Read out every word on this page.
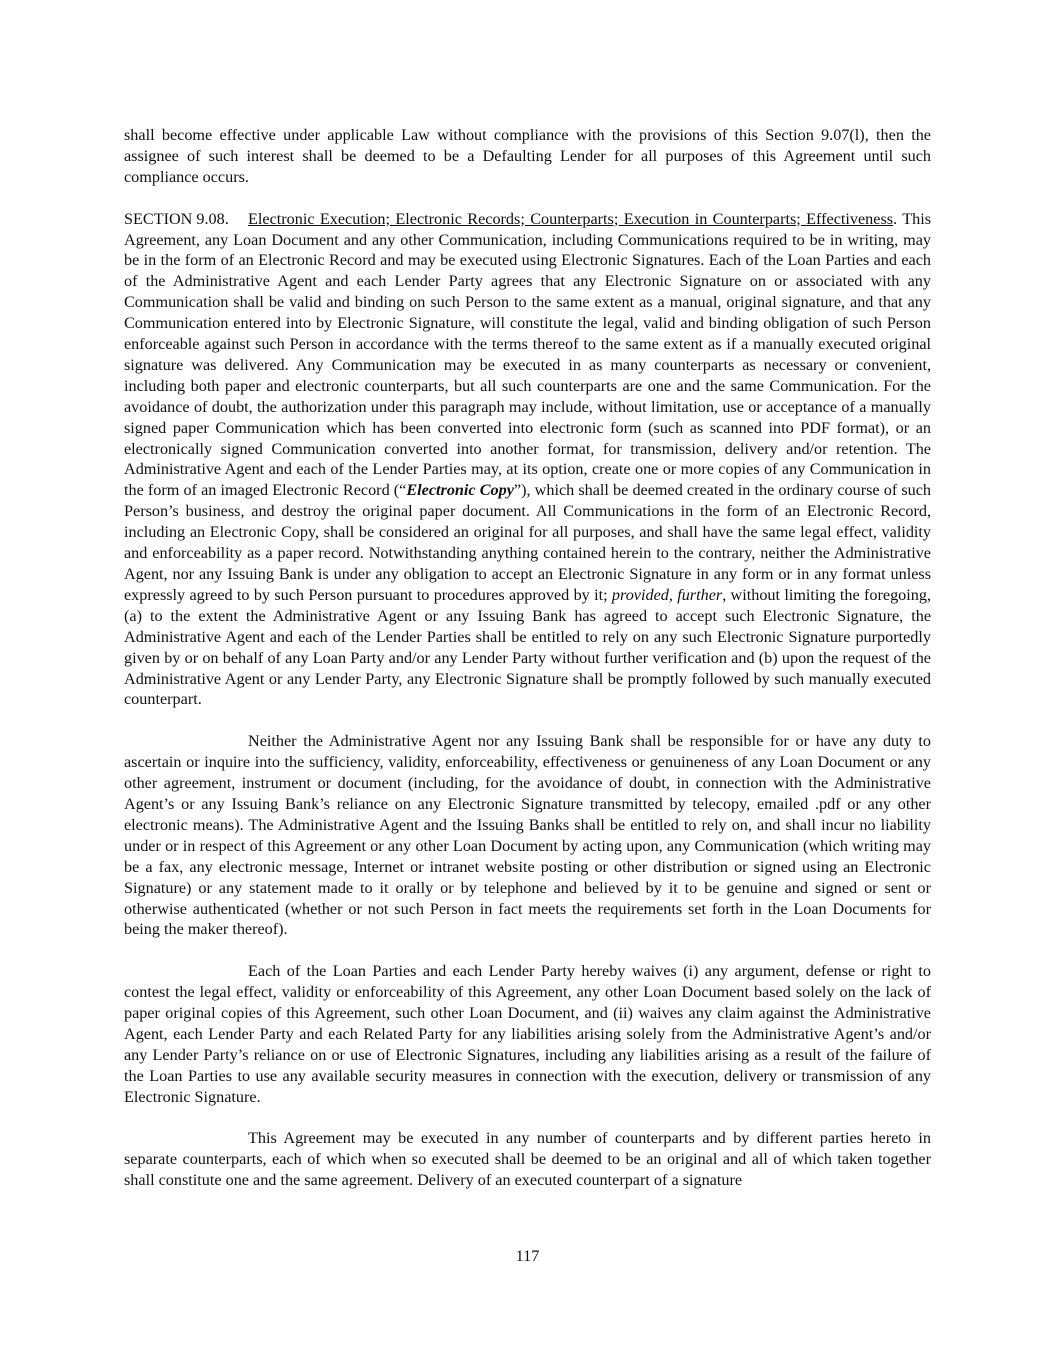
shall become effective under applicable Law without compliance with the provisions of this Section 9.07(l), then the assignee of such interest shall be deemed to be a Defaulting Lender for all purposes of this Agreement until such compliance occurs.

SECTION 9.08. Electronic Execution; Electronic Records; Counterparts; Execution in Counterparts; Effectiveness. This Agreement, any Loan Document and any other Communication, including Communications required to be in writing, may be in the form of an Electronic Record and may be executed using Electronic Signatures. Each of the Loan Parties and each of the Administrative Agent and each Lender Party agrees that any Electronic Signature on or associated with any Communication shall be valid and binding on such Person to the same extent as a manual, original signature, and that any Communication entered into by Electronic Signature, will constitute the legal, valid and binding obligation of such Person enforceable against such Person in accordance with the terms thereof to the same extent as if a manually executed original signature was delivered. Any Communication may be executed in as many counterparts as necessary or convenient, including both paper and electronic counterparts, but all such counterparts are one and the same Communication. For the avoidance of doubt, the authorization under this paragraph may include, without limitation, use or acceptance of a manually signed paper Communication which has been converted into electronic form (such as scanned into PDF format), or an electronically signed Communication converted into another format, for transmission, delivery and/or retention. The Administrative Agent and each of the Lender Parties may, at its option, create one or more copies of any Communication in the form of an imaged Electronic Record (“Electronic Copy”), which shall be deemed created in the ordinary course of such Person’s business, and destroy the original paper document. All Communications in the form of an Electronic Record, including an Electronic Copy, shall be considered an original for all purposes, and shall have the same legal effect, validity and enforceability as a paper record. Notwithstanding anything contained herein to the contrary, neither the Administrative Agent, nor any Issuing Bank is under any obligation to accept an Electronic Signature in any form or in any format unless expressly agreed to by such Person pursuant to procedures approved by it; provided, further, without limiting the foregoing, (a) to the extent the Administrative Agent or any Issuing Bank has agreed to accept such Electronic Signature, the Administrative Agent and each of the Lender Parties shall be entitled to rely on any such Electronic Signature purportedly given by or on behalf of any Loan Party and/or any Lender Party without further verification and (b) upon the request of the Administrative Agent or any Lender Party, any Electronic Signature shall be promptly followed by such manually executed counterpart.

Neither the Administrative Agent nor any Issuing Bank shall be responsible for or have any duty to ascertain or inquire into the sufficiency, validity, enforceability, effectiveness or genuineness of any Loan Document or any other agreement, instrument or document (including, for the avoidance of doubt, in connection with the Administrative Agent’s or any Issuing Bank’s reliance on any Electronic Signature transmitted by telecopy, emailed .pdf or any other electronic means). The Administrative Agent and the Issuing Banks shall be entitled to rely on, and shall incur no liability under or in respect of this Agreement or any other Loan Document by acting upon, any Communication (which writing may be a fax, any electronic message, Internet or intranet website posting or other distribution or signed using an Electronic Signature) or any statement made to it orally or by telephone and believed by it to be genuine and signed or sent or otherwise authenticated (whether or not such Person in fact meets the requirements set forth in the Loan Documents for being the maker thereof).

Each of the Loan Parties and each Lender Party hereby waives (i) any argument, defense or right to contest the legal effect, validity or enforceability of this Agreement, any other Loan Document based solely on the lack of paper original copies of this Agreement, such other Loan Document, and (ii) waives any claim against the Administrative Agent, each Lender Party and each Related Party for any liabilities arising solely from the Administrative Agent’s and/or any Lender Party’s reliance on or use of Electronic Signatures, including any liabilities arising as a result of the failure of the Loan Parties to use any available security measures in connection with the execution, delivery or transmission of any Electronic Signature.

This Agreement may be executed in any number of counterparts and by different parties hereto in separate counterparts, each of which when so executed shall be deemed to be an original and all of which taken together shall constitute one and the same agreement. Delivery of an executed counterpart of a signature

117
